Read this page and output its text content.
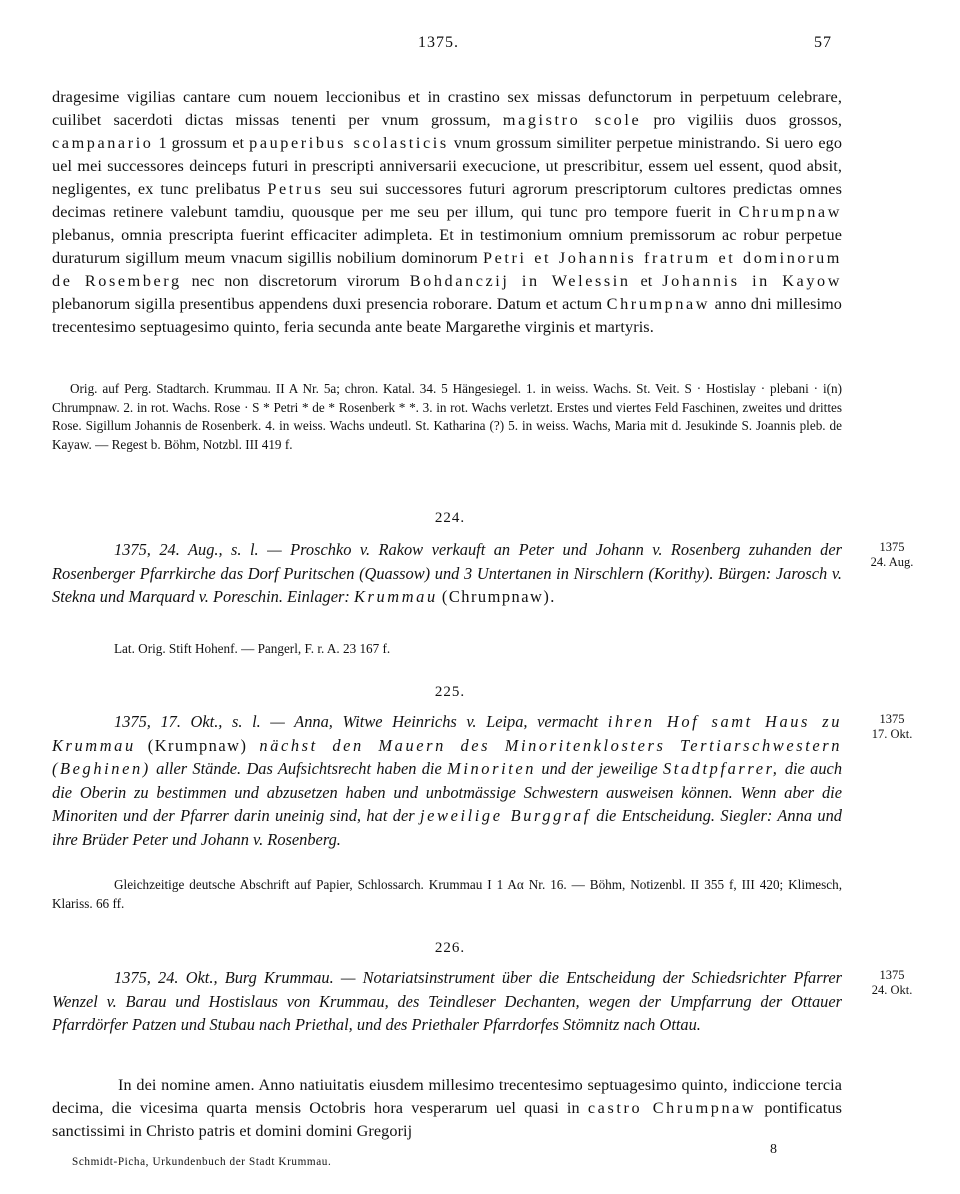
1375.	57
dragesime vigilias cantare cum nouem leccionibus et in crastino sex missas defunctorum in perpetuum celebrare, cuilibet sacerdoti dictas missas tenenti per vnum grossum, magistro scole pro vigiliis duos grossos, campanario 1 grossum et pauperibus scolasticis vnum grossum similiter perpetue ministrando. Si uero ego uel mei successores deinceps futuri in prescripti anniversarii execucione, ut prescribitur, essem uel essent, quod absit, negligentes, ex tunc prelibatus Petrus seu sui successores futuri agrorum prescriptorum cultores predictas omnes decimas retinere valebunt tamdiu, quousque per me seu per illum, qui tunc pro tempore fuerit in Chrumpnaw plebanus, omnia prescripta fuerint efficaciter adimpleta. Et in testimonium omnium premissorum ac robur perpetue duraturum sigillum meum vnacum sigillis nobilium dominorum Petri et Johannis fratrum et dominorum de Rosemberg nec non discretorum virorum Bohdanczij in Welessin et Johannis in Kayow plebanorum sigilla presentibus appendens duxi presencia roborare. Datum et actum Chrumpnaw anno dni millesimo trecentesimo septuagesimo quinto, feria secunda ante beate Margarethe virginis et martyris.
Orig. auf Perg. Stadtarch. Krummau. II A Nr. 5a; chron. Katal. 34. 5 Hängesiegel. 1. in weiss. Wachs. St. Veit. S · Hostislay · plebani · i(n) Chrumpnaw. 2. in rot. Wachs. Rose · S * Petri * de * Rosenberk * *. 3. in rot. Wachs verletzt. Erstes und viertes Feld Faschinen, zweites und drittes Rose. Sigillum Johannis de Rosenberk. 4. in weiss. Wachs undeutl. St. Katharina (?) 5. in weiss. Wachs, Maria mit d. Jesukinde S. Joannis pleb. de Kayaw. — Regest b. Böhm, Notzbl. III 419 f.
224.
1375
24. Aug.
1375, 24. Aug., s. l. — Proschko v. Rakow verkauft an Peter und Johann v. Rosenberg zuhanden der Rosenberger Pfarrkirche das Dorf Puritschen (Quassow) und 3 Untertanen in Nirschlern (Korithy). Bürgen: Jarosch v. Stekna und Marquard v. Poreschin. Einlager: Krummau (Chrumpnaw).
Lat. Orig. Stift Hohenf. — Pangerl, F. r. A. 23 167 f.
225.
1375
17. Okt.
1375, 17. Okt., s. l. — Anna, Witwe Heinrichs v. Leipa, vermacht ihren Hof samt Haus zu Krummau (Krumpnaw) nächst den Mauern des Minoritenklosters Tertiarschwestern (Beghinen) aller Stände. Das Aufsichtsrecht haben die Minoriten und der jeweilige Stadtpfarrer, die auch die Oberin zu bestimmen und abzusetzen haben und unbotmässige Schwestern ausweisen können. Wenn aber die Minoriten und der Pfarrer darin uneinig sind, hat der jeweilige Burggraf die Entscheidung. Siegler: Anna und ihre Brüder Peter und Johann v. Rosenberg.
Gleichzeitige deutsche Abschrift auf Papier, Schlossarch. Krummau I 1 Aα Nr. 16. — Böhm, Notizenbl. II 355 f, III 420; Klimesch, Klariss. 66 ff.
226.
1375
24. Okt.
1375, 24. Okt., Burg Krummau. — Notariatsinstrument über die Entscheidung der Schiedsrichter Pfarrer Wenzel v. Barau und Hostislaus von Krummau, des Teindleser Dechanten, wegen der Umpfarrung der Ottauer Pfarrdörfer Patzen und Stubau nach Priethal, und des Priethaler Pfarrdorfes Stömnitz nach Ottau.
In dei nomine amen. Anno natiuitatis eiusdem millesimo trecentesimo septuagesimo quinto, indiccione tercia decima, die vicesima quarta mensis Octobris hora vesperarum uel quasi in castro Chrumpnaw pontificatus sanctissimi in Christo patris et domini domini Gregorij
Schmidt-Picha, Urkundenbuch der Stadt Krummau.
8
